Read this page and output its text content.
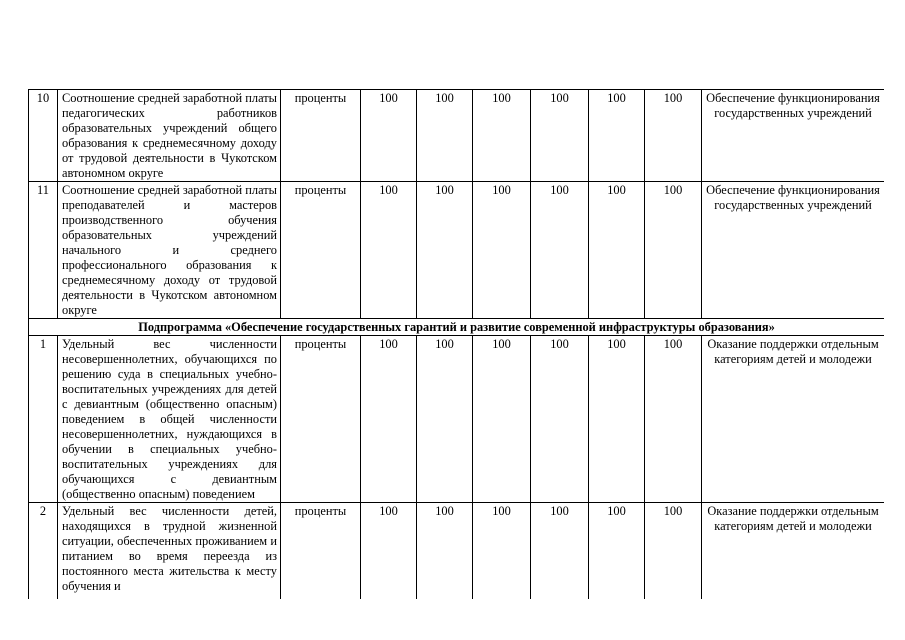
10	Соотношение средней заработной платы педагогических работников образовательных учреждений общего образования к среднемесячному доходу от трудовой деятельности в Чукотском автономном округе	проценты	100	100	100	100	100	100	Обеспечение функционирования государственных учреждений
11	Соотношение средней заработной платы преподавателей и мастеров производственного обучения образовательных учреждений начального и среднего профессионального образования к среднемесячному доходу от трудовой деятельности в Чукотском автономном округе	проценты	100	100	100	100	100	100	Обеспечение функционирования государственных учреждений
Подпрограмма «Обеспечение государственных гарантий и развитие современной инфраструктуры образования»									
1	Удельный вес численности несовершеннолетних, обучающихся по решению суда в специальных учебно-воспитательных учреждениях для детей с девиантным (общественно опасным) поведением в общей численности несовершеннолетних, нуждающихся в обучении в специальных учебно-воспитательных учреждениях для обучающихся с девиантным (общественно опасным) поведением	проценты	100	100	100	100	100	100	Оказание поддержки отдельным категориям детей и молодежи
2	Удельный вес численности детей, находящихся в трудной жизненной ситуации, обеспеченных проживанием и питанием во время переезда из постоянного места жительства к месту обучения и	проценты	100	100	100	100	100	100	Оказание поддержки отдельным категориям детей и молодежи
